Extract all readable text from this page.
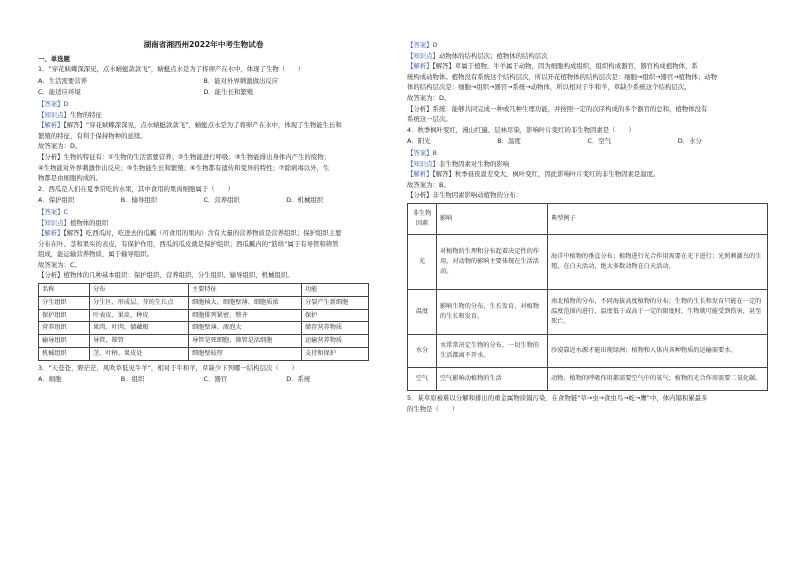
湖南省湘西州2022年中考生物试卷

一、单选题

1．“穿花蛱蝶深深见，点水蜻蜓款款飞”，蜻蜓点水是为了将卵产在水中，体现了生物（　　）

A．生活需要营养	B．能对外界刺激做出反应
C．能适应环境	D．能生长和繁殖

【答案】D

【知识点】生物的特征

【解析】【解答】“穿花蛱蝶深深见，点水蜻蜓款款飞”，蜻蜓点水是为了将卵产在水中，体现了生物能生长和

繁殖的特征，有利于保持物种的延续。

故答案为：D。

【分析】生物的特征有：①生物的生活需要营养；②生物能进行呼吸；③生物能排出身体内产生的废物；

④生物能对外界刺激作出反应；⑤生物能生长和繁殖；⑥生物都有遗传和变异的特性；⑦除病毒以外，生

物都是由细胞构成的。

2．西瓜是人们在夏季常吃的水果，其中食用的果肉细胞属于（　　）

A．保护组织	B．输导组织	C．营养组织	D．机械组织

【答案】C

【知识点】植物体的组织

【解析】【解答】吃西瓜时，吃进去的瓜瓤（可食用的果肉）含有大量的营养物质是营养组织；保护组织主要

分布在叶、茎和果实的表皮，有保护作用，西瓜的瓜皮就是保护组织；西瓜瓤内的“筋络”属于有导管和筛管

组成，能运输营养物质，属于输导组织。

故答案为：C。

【分析】植物体的几种基本组织：保护组织、营养组织、分生组织、输导组织、机械组织。

名称	分布	主要特征	功能
分生组织	分生区、形成层、芽的生长点	细胞核大、细胞壁薄、细胞质浓	分裂产生新细胞
保护组织	叶表皮、果皮、种皮	细胞排列紧密、整齐	保护
营养组织	果肉、叶肉、储藏根	细胞壁薄、液泡大	储存营养物质
输导组织	导管、筛管	导管是死细胞、筛管是活细胞	运输营养物质
机械组织	茎、叶柄、果皮处	细胞壁较厚	支持和保护

3．“天苍苍，野茫茫，风吹草低见牛羊”，相对于牛和羊，草缺少下列哪一结构层次（　　）

A．细胞	B．组织	C．器官	D．系统

【答案】D

【知识点】动物体的结构层次；植物体的结构层次

【解析】【解答】草属于植物，牛羊属于动物，因为细胞构成组织，组织构成器官，器官构成植物体，系

统构成动物体。植物没有系统这个结构层次，所以开花植物体的结构层次是：细胞→组织→器官→植物体；动物

体的结构层次是：细胞→组织→器官→系统→动物体，所以相对于牛和羊，草缺少系统这个结构层次。

故答案为：D。

【分析】系统：能够共同完成一种或几种生理功能，并按照一定的次序构成的多个器官的总和，植物体没有

系统这一层次。

4．秋季枫叶变红，漫山红遍、层林尽染，影响叶片变红的非生物因素是（　　）

A．阳光	B．温度	C．空气	D．水分

【答案】B

【知识点】非生物因素对生物的影响

【解析】【解答】秋季昼夜温差变大，枫叶变红，因此影响叶片变红的非生物因素是温度。

故答案为：B。

【分析】非生物因素影响动植物的分布：

非生物因素	影响	典型例子
光	对植物的生理和分布起着决定性的作用，对动物的影响主要体现在生活活动。	海洋中植物的垂直分布；植物进行光合作用需要在光下进行；光照刺激鸟的生殖，在白天活动，绝大多数动物在白天活动。
温度	影响生物的分布，生长发育，对植物的生长和发育。	南北植物的分布，不同海拔高度植物的分布；生物的生长和发育只能在一定的温度范围内进行，温度低于或高于一定的限度时，生物就可能受到伤害，甚至死亡。
水分	水常常决定生物的分布，一切生物的生活都离不开水。	沙漠靠近水源才能出现绿洲；植物和人体内各种物质的运输需要水。
空气	空气影响动植物的生活	动物、植物的呼吸作用都需要空气中的氧气；植物的光合作用需要二氧化碳。

5．某草原被难以分解和排出的重金属物质镉污染，在食物链“草→虫→食虫鸟→蛇→鹰”中，体内镉积累最多

的生物是（　　）
